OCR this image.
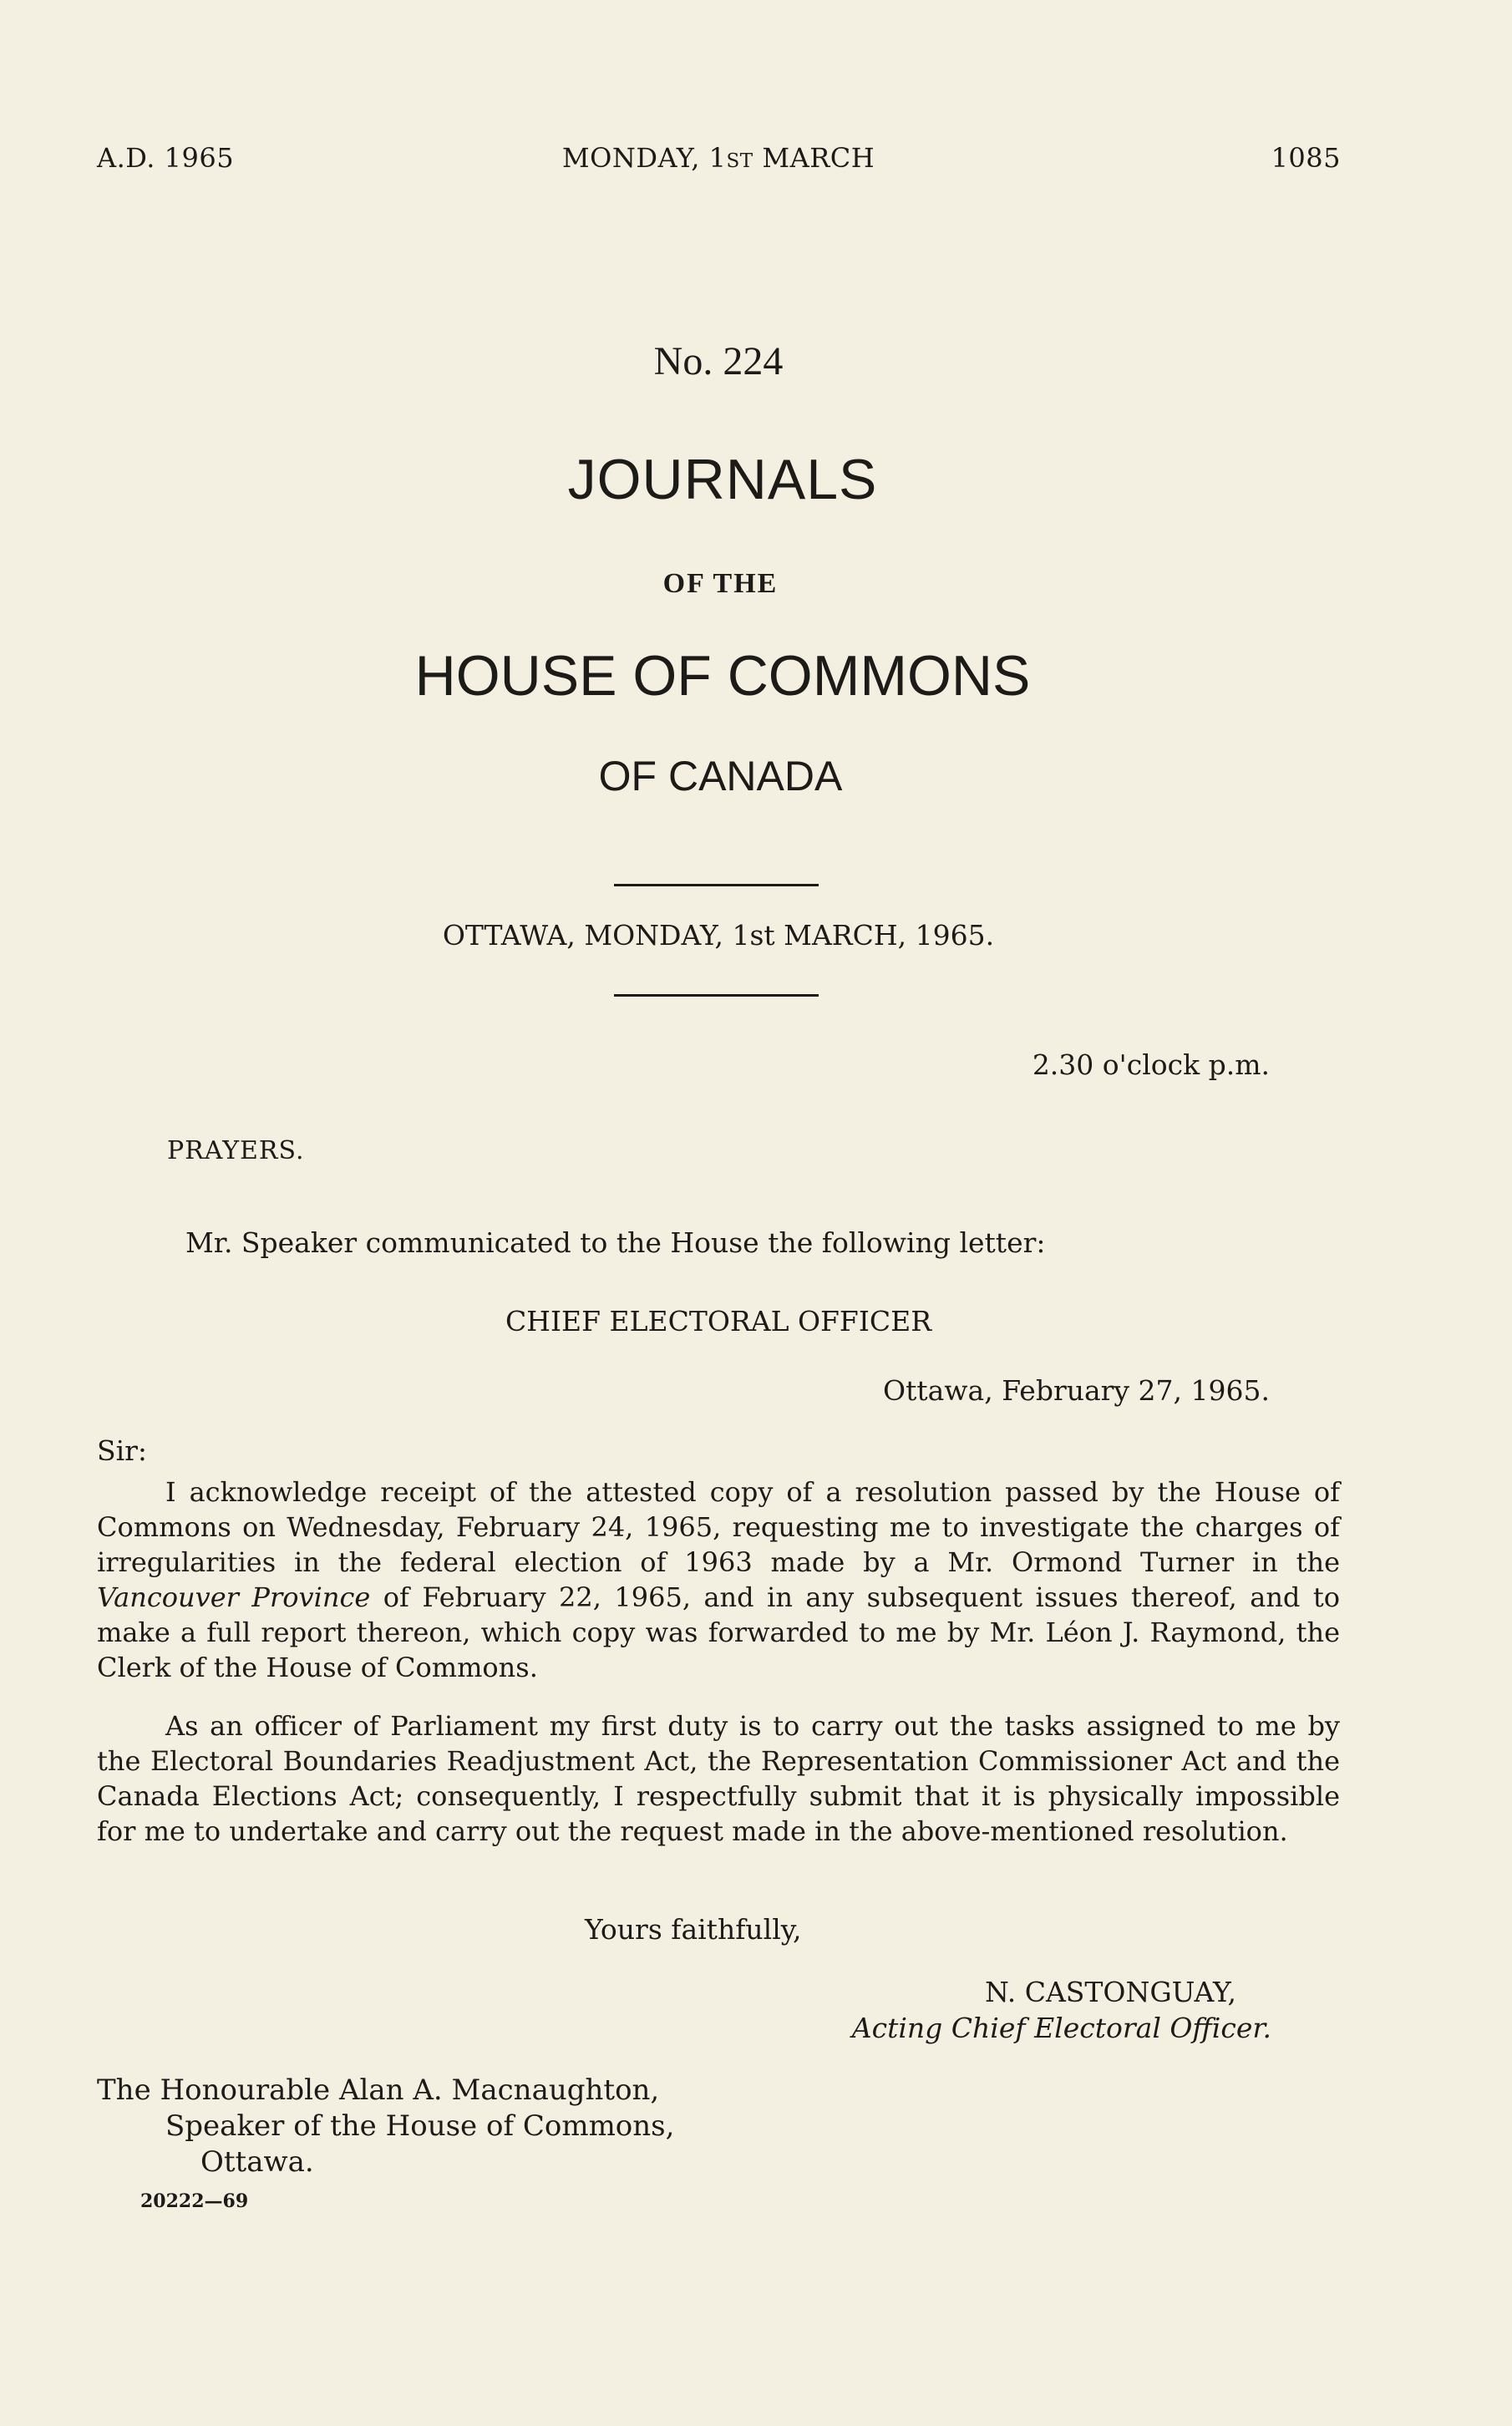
A.D. 1965	MONDAY, 1ST MARCH	1085
No. 224
JOURNALS
OF THE
HOUSE OF COMMONS
OF CANADA
OTTAWA, MONDAY, 1st MARCH, 1965.
2.30 o'clock p.m.
PRAYERS.
Mr. Speaker communicated to the House the following letter:
CHIEF ELECTORAL OFFICER
Ottawa, February 27, 1965.
Sir:

I acknowledge receipt of the attested copy of a resolution passed by the House of Commons on Wednesday, February 24, 1965, requesting me to investigate the charges of irregularities in the federal election of 1963 made by a Mr. Ormond Turner in the Vancouver Province of February 22, 1965, and in any subsequent issues thereof, and to make a full report thereon, which copy was forwarded to me by Mr. Léon J. Raymond, the Clerk of the House of Commons.

As an officer of Parliament my first duty is to carry out the tasks assigned to me by the Electoral Boundaries Readjustment Act, the Representation Commissioner Act and the Canada Elections Act; consequently, I respectfully submit that it is physically impossible for me to undertake and carry out the request made in the above-mentioned resolution.

Yours faithfully,
N. CASTONGUAY,
Acting Chief Electoral Officer.
The Honourable Alan A. Macnaughton,
Speaker of the House of Commons,
Ottawa.
20222—69
